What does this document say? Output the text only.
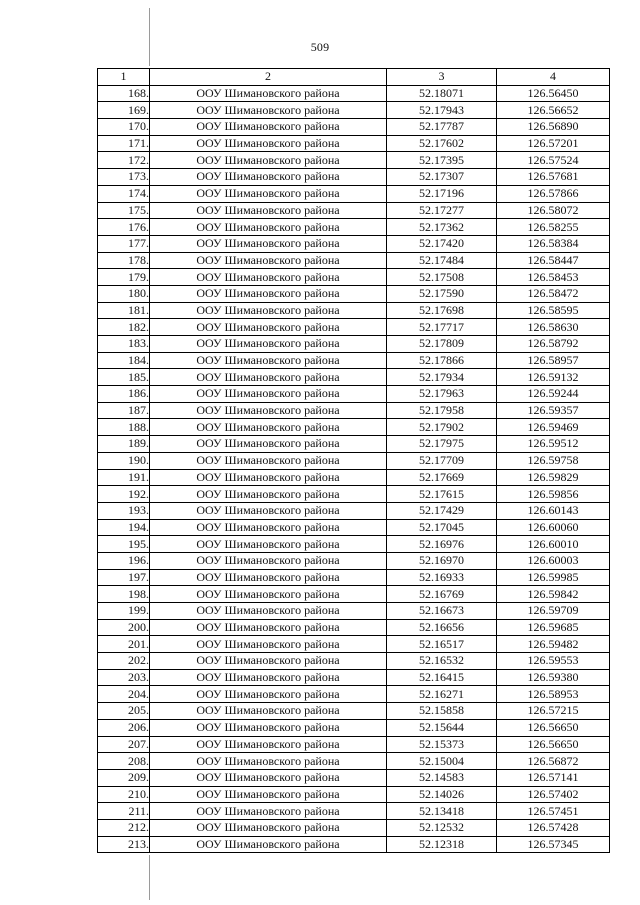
509
1	2	3	4
168.	ООУ Шимановского района	52.18071	126.56450
169.	ООУ Шимановского района	52.17943	126.56652
170.	ООУ Шимановского района	52.17787	126.56890
171.	ООУ Шимановского района	52.17602	126.57201
172.	ООУ Шимановского района	52.17395	126.57524
173.	ООУ Шимановского района	52.17307	126.57681
174.	ООУ Шимановского района	52.17196	126.57866
175.	ООУ Шимановского района	52.17277	126.58072
176.	ООУ Шимановского района	52.17362	126.58255
177.	ООУ Шимановского района	52.17420	126.58384
178.	ООУ Шимановского района	52.17484	126.58447
179.	ООУ Шимановского района	52.17508	126.58453
180.	ООУ Шимановского района	52.17590	126.58472
181.	ООУ Шимановского района	52.17698	126.58595
182.	ООУ Шимановского района	52.17717	126.58630
183.	ООУ Шимановского района	52.17809	126.58792
184.	ООУ Шимановского района	52.17866	126.58957
185.	ООУ Шимановского района	52.17934	126.59132
186.	ООУ Шимановского района	52.17963	126.59244
187.	ООУ Шимановского района	52.17958	126.59357
188.	ООУ Шимановского района	52.17902	126.59469
189.	ООУ Шимановского района	52.17975	126.59512
190.	ООУ Шимановского района	52.17709	126.59758
191.	ООУ Шимановского района	52.17669	126.59829
192.	ООУ Шимановского района	52.17615	126.59856
193.	ООУ Шимановского района	52.17429	126.60143
194.	ООУ Шимановского района	52.17045	126.60060
195.	ООУ Шимановского района	52.16976	126.60010
196.	ООУ Шимановского района	52.16970	126.60003
197.	ООУ Шимановского района	52.16933	126.59985
198.	ООУ Шимановского района	52.16769	126.59842
199.	ООУ Шимановского района	52.16673	126.59709
200.	ООУ Шимановского района	52.16656	126.59685
201.	ООУ Шимановского района	52.16517	126.59482
202.	ООУ Шимановского района	52.16532	126.59553
203.	ООУ Шимановского района	52.16415	126.59380
204.	ООУ Шимановского района	52.16271	126.58953
205.	ООУ Шимановского района	52.15858	126.57215
206.	ООУ Шимановского района	52.15644	126.56650
207.	ООУ Шимановского района	52.15373	126.56650
208.	ООУ Шимановского района	52.15004	126.56872
209.	ООУ Шимановского района	52.14583	126.57141
210.	ООУ Шимановского района	52.14026	126.57402
211.	ООУ Шимановского района	52.13418	126.57451
212.	ООУ Шимановского района	52.12532	126.57428
213.	ООУ Шимановского района	52.12318	126.57345
